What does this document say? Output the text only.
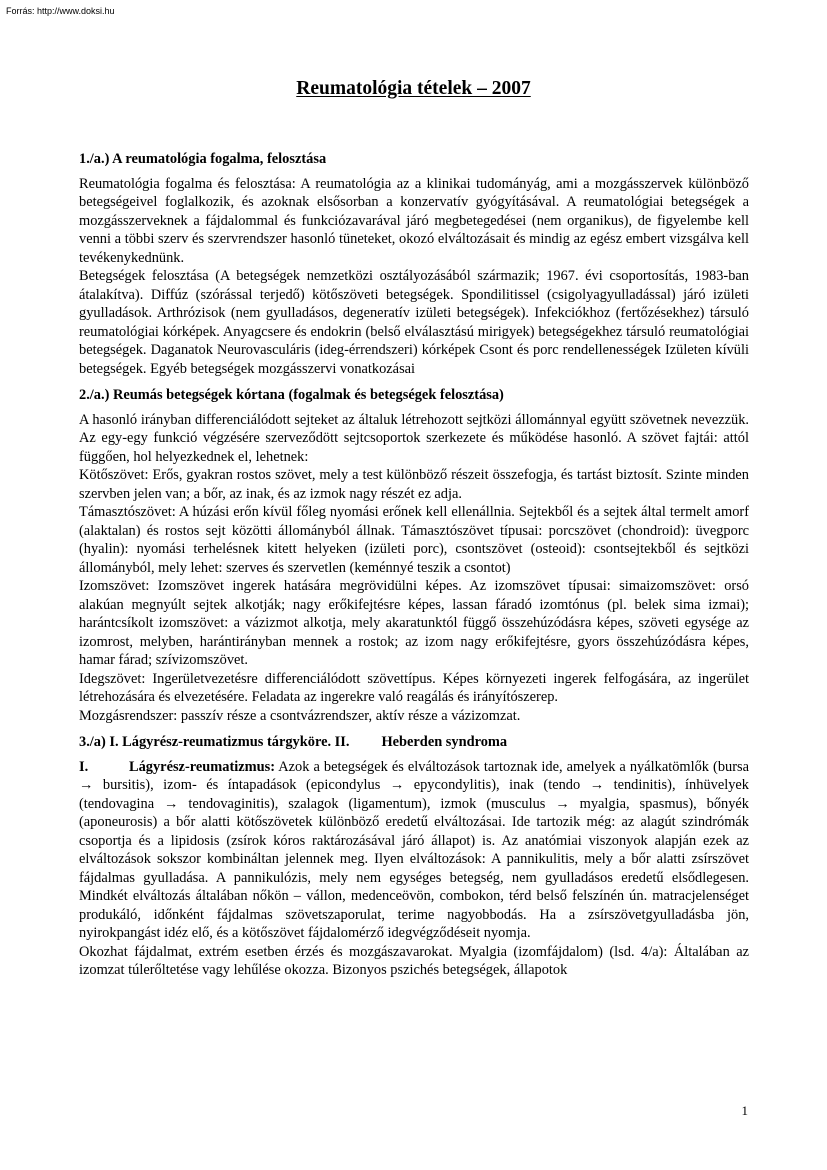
Forrás: http://www.doksi.hu
Reumatológia tételek – 2007
1./a.) A reumatológia fogalma, felosztása

Reumatológia fogalma és felosztása: A reumatológia az a klinikai tudományág, ami a mozgásszervek különböző betegségeivel foglalkozik, és azoknak elsősorban a konzervatív gyógyításával. A reumatológiai betegségek a mozgásszerveknek a fájdalommal és funkciózavarával járó megbetegedései (nem organikus), de figyelembe kell venni a többi szerv és szervrendszer hasonló tüneteket, okozó elváltozásait és mindig az egész embert vizsgálva kell tevékenykednünk.

Betegségek felosztása (A betegségek nemzetközi osztályozásából származik; 1967. évi csoportosítás, 1983-ban átalakítva). Diffúz (szórással terjedő) kötőszöveti betegségek. Spondilitissel (csigolyagyulladással) járó izületi gyulladások. Arthrózisok (nem gyulladásos, degeneratív izületi betegségek). Infekciókhoz (fertőzésekhez) társuló reumatológiai kórképek. Anyagcsere és endokrin (belső elválasztású mirigyek) betegségekhez társuló reumatológiai betegségek. Daganatok Neurovasculáris (ideg-érrendszeri) kórképek Csont és porc rendellenességek Izületen kívüli betegségek. Egyéb betegségek mozgásszervi vonatkozásai

2./a.) Reumás betegségek kórtana (fogalmak és betegségek felosztása)

A hasonló irányban differenciálódott sejteket az általuk létrehozott sejtközi állománnyal együtt szövetnek nevezzük. Az egy-egy funkció végzésére szerveződött sejtcsoportok szerkezete és működése hasonló. A szövet fajtái: attól függően, hol helyezkednek el, lehetnek:

Kötőszövet: Erős, gyakran rostos szövet, mely a test különböző részeit összefogja, és tartást biztosít. Szinte minden szervben jelen van; a bőr, az inak, és az izmok nagy részét ez adja.

Támasztószövet: A húzási erőn kívül főleg nyomási erőnek kell ellenállnia. Sejtekből és a sejtek által termelt amorf (alaktalan) és rostos sejt közötti állományból állnak. Támasztószövet típusai: porcszövet (chondroid): üvegporc (hyalin): nyomási terhelésnek kitett helyeken (izületi porc), csontszövet (osteoid): csontsejtekből és sejtközi állományból, mely lehet: szerves és szervetlen (keménnyé teszik a csontot)

Izomszövet: Izomszövet ingerek hatására megrövidülni képes. Az izomszövet típusai: simaizomszövet: orsó alakúan megnyúlt sejtek alkotják; nagy erőkifejtésre képes, lassan fáradó izomtónus (pl. belek sima izmai); harántcsíkolt izomszövet: a vázizmot alkotja, mely akaratunktól függő összehúzódásra képes, szöveti egysége az izomrost, melyben, harántirányban mennek a rostok; az izom nagy erőkifejtésre, gyors összehúzódásra képes, hamar fárad; szívizomszövet.

Idegszövet: Ingerületvezetésre differenciálódott szövettípus. Képes környezeti ingerek felfogására, az ingerület létrehozására és elvezetésére. Feladata az ingerekre való reagálás és irányítószerep.

Mozgásrendszer: passzív része a csontvázrendszer, aktív része a vázizomzat.

3./a) I. Lágyrész-reumatizmus tárgyköre. II. Heberden syndroma

I.	Lágyrész-reumatizmus: Azok a betegségek és elváltozások tartoznak ide, amelyek a nyálkatömlők (bursa → bursitis), izom- és íntapadások (epicondylus → epycondylitis), inak (tendo → tendinitis), ínhüvelyek (tendovagina → tendovaginitis), szalagok (ligamentum), izmok (musculus → myalgia, spasmus), bőnyék (aponeurosis) a bőr alatti kötőszövetek különböző eredetű elváltozásai. Ide tartozik még: az alagút szindrómák csoportja és a lipidosis (zsírok kóros raktározásával járó állapot) is. Az anatómiai viszonyok alapján ezek az elváltozások sokszor kombináltan jelennek meg. Ilyen elváltozások: A pannikulitis, mely a bőr alatti zsírszövet fájdalmas gyulladása. A pannikulózis, mely nem egységes betegség, nem gyulladásos eredetű elsődlegesen. Mindkét elváltozás általában nőkön – vállon, medenceövön, combokon, térd belső felszínén ún. matracjelenséget produkáló, időnként fájdalmas szövetszaporulat, terime nagyobbodás. Ha a zsírszövetgyulladásba jön, nyirokpangást idéz elő, és a kötőszövet fájdalomérző idegvégződéseit nyomja.

Okozhat fájdalmat, extrém esetben érzés és mozgászavarokat. Myalgia (izomfájdalom) (lsd. 4/a): Általában az izomzat túlerőltetése vagy lehűlése okozza. Bizonyos pszichés betegségek, állapotok

1
